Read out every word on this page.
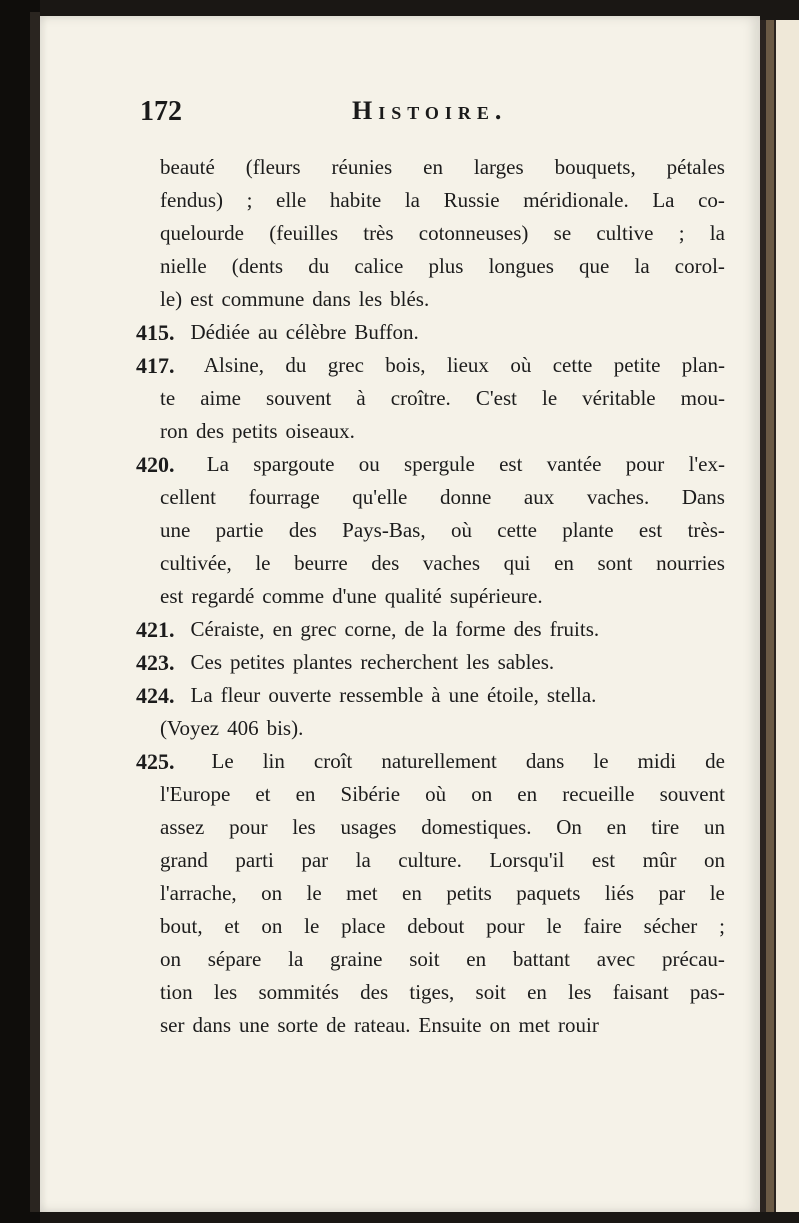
172	Histoire.
beauté (fleurs réunies en larges bouquets, pétales
fendus) ; elle habite la Russie méridionale. La co-
quelourde (feuilles très cotonneuses) se cultive ; la
nielle (dents du calice plus longues que la corol-
le) est commune dans les blés.
415. Dédiée au célèbre Buffon.
417. Alsine, du grec bois, lieux où cette petite plan-
te aime souvent à croître. C'est le véritable mou-
ron des petits oiseaux.
420. La spargoute ou spergule est vantée pour l'ex-
cellent fourrage qu'elle donne aux vaches. Dans
une partie des Pays-Bas, où cette plante est très-
cultivée, le beurre des vaches qui en sont nourries
est regardé comme d'une qualité supérieure.
421. Céraiste, en grec corne, de la forme des fruits.
423. Ces petites plantes recherchent les sables.
424. La fleur ouverte ressemble à une étoile, stella.
(Voyez 406 bis).
425. Le lin croît naturellement dans le midi de
l'Europe et en Sibérie où on en recueille souvent
assez pour les usages domestiques. On en tire un
grand parti par la culture. Lorsqu'il est mûr on
l'arrache, on le met en petits paquets liés par le
bout, et on le place debout pour le faire sécher ;
on sépare la graine soit en battant avec précau-
tion les sommités des tiges, soit en les faisant pas-
ser dans une sorte de rateau. Ensuite on met rouir
